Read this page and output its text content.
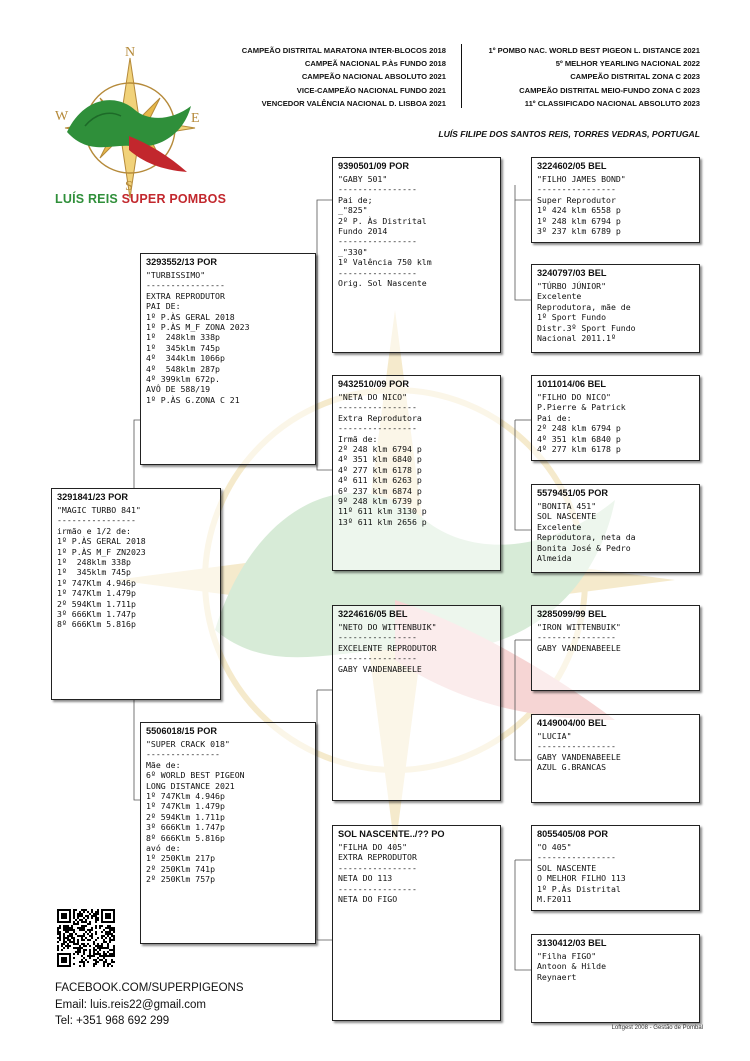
N
W	E
S
LUÍS REIS SUPER POMBOS
CAMPEÃO DISTRITAL MARATONA INTER-BLOCOS 2018
CAMPEÃ NACIONAL P.Às FUNDO 2018
CAMPEÃO NACIONAL ABSOLUTO 2021
VICE-CAMPEÃO NACIONAL FUNDO 2021
VENCEDOR VALÊNCIA NACIONAL D. LISBOA 2021
1º POMBO NAC. WORLD BEST PIGEON L. DISTANCE 2021
5º MELHOR YEARLING NACIONAL 2022
CAMPEÃO DISTRITAL ZONA C 2023
CAMPEÃO DISTRITAL MEIO-FUNDO ZONA C 2023
11º CLASSIFICADO NACIONAL ABSOLUTO 2023
LUÍS FILIPE DOS SANTOS REIS, TORRES VEDRAS, PORTUGAL
3291841/23 POR
"MAGIC TURBO 841"
----------------
irmão e 1/2 de:
1º P.ÀS GERAL 2018
1º P.ÀS M_F ZN2023
1º  248klm 338p
1º  345klm 745p
1º 747Klm 4.946p
1º 747Klm 1.479p
2º 594Klm 1.711p
3º 666Klm 1.747p
8º 666Klm 5.816p
3293552/13 POR
"TURBISSIMO"
----------------
EXTRA REPRODUTOR
PAI DE:
1º P.ÀS GERAL 2018
1º P.ÀS M_F ZONA 2023
1º  248klm 338p
1º  345klm 745p
4º  344klm 1066p
4º  548klm 287p
4º 399klm 672p.
AVÔ DE 588/19
1º P.ÀS G.ZONA C 21
5506018/15 POR
"SUPER CRACK 018"
---------------
Mãe de:
6º WORLD BEST PIGEON
LONG DISTANCE 2021
1º 747Klm 4.946p
1º 747Klm 1.479p
2º 594Klm 1.711p
3º 666Klm 1.747p
8º 666Klm 5.816p
avó de:
1º 250Klm 217p
2º 250Klm 741p
2º 250Klm 757p
9390501/09 POR
"GABY 501"
----------------
Pai de;
_"825"
2º P. Às Distrital
Fundo 2014
----------------
_"330"
1º Valência 750 klm
----------------
Orig. Sol Nascente
9432510/09 POR
"NETA DO NICO"
----------------
Extra Reprodutora
----------------
Irmã de:
2º 248 klm 6794 p
4º 351 klm 6840 p
4º 277 klm 6178 p
4º 611 klm 6263 p
6º 237 klm 6874 p
9º 248 klm 6739 p
11º 611 klm 3130 p
13º 611 klm 2656 p
3224616/05 BEL
"NETO DO WITTENBUIK"
----------------
EXCELENTE REPRODUTOR
----------------
GABY VANDENABEELE
SOL NASCENTE../?? PO
"FILHA DO 405"
EXTRA REPRODUTOR
----------------
NETA DO 113
----------------
NETA DO FIGO
3224602/05 BEL
"FILHO JAMES BOND"
----------------
Super Reprodutor
1º 424 klm 6558 p
1º 248 klm 6794 p
3º 237 klm 6789 p
3240797/03 BEL
"TÚRBO JÚNIOR"
Excelente
Reprodutora, mãe de
1º Sport Fundo
Distr.3º Sport Fundo
Nacional 2011.1º
1011014/06 BEL
"FILHO DO NICO"
P.Pierre & Patrick
Pai de:
2º 248 klm 6794 p
4º 351 klm 6840 p
4º 277 klm 6178 p
5579451/05 POR
"BONITA 451"
SOL NASCENTE
Excelente
Reprodutora, neta da
Bonita José & Pedro
Almeida
3285099/99 BEL
"IRON WITTENBUIK"
----------------
GABY VANDENABEELE
4149004/00 BEL
"LUCIA"
----------------
GABY VANDENABEELE
AZUL G.BRANCAS
8055405/08 POR
"O 405"
----------------
SOL NASCENTE
O MELHOR FILHO 113
1º P.Às Distrital
M.F2011
3130412/03 BEL
"Filha FIGO"
Antoon & Hilde
Reynaert
FACEBOOK.COM/SUPERPIGEONS
Email: luis.reis22@gmail.com
Tel: +351 968 692 299
Loftgest 2008 - Gestão de Pombal
